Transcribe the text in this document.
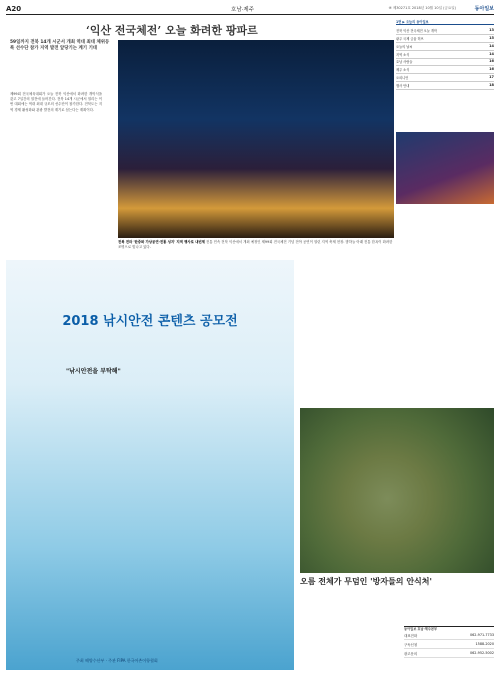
A20	호남·제주	⑧ 제30271호 2018년 10월 10일 (금요일)	동아일보
‘익산 전국체전’ 오늘 화려한 팡파르
59일까지 전북 14개 시군서 개최 역대 최대 체위등록 선수단 참가 지역 발전 앞당기는 계기 기대
제99회 전국체육대회가 오늘 전북 익산에서 화려한 개막식을 갖고 7일간의 열전에 들어간다. 전북 14개 시군에서 열리는 이번 대회에는 역대 최대 규모의 선수단이 참가한다. 전북도는 지역 경제 활성화와 관광 발전의 계기로 삼는다는 계획이다.
전북 전라 '한중화 가상공연·전통 성지' 지역 행사로 내빈제 전통 민속 전북 익산에서 개최 예정인 제99회 전국체전 기념 전야 공연이 열린 지역 축제 현장. 밤하늘 아래 전통 한옥이 화려한 조명으로 빛나고 있다.
1면 ▶ 오늘의 동아일보
전북 익산 전국체전 오늘 개막	13
광주 국제 금융 허브	15
오늘의 날씨	14
지역 소식	14
호남 사람들	16
제주 소식	16
오피니언	17
행사 안내	18
2018 낚시안전 콘텐츠 공모전
"낚시안전을 부탁해"
주최 해양수산부 · 주관 FIPA 한국어촌어항협회
오름 전체가 무덤인 '방자들의 안식처'
동아일보 호남·제주본부
대표전화	062-971-7733
구독신청	1588-2020
광고문의	062-952-5002
